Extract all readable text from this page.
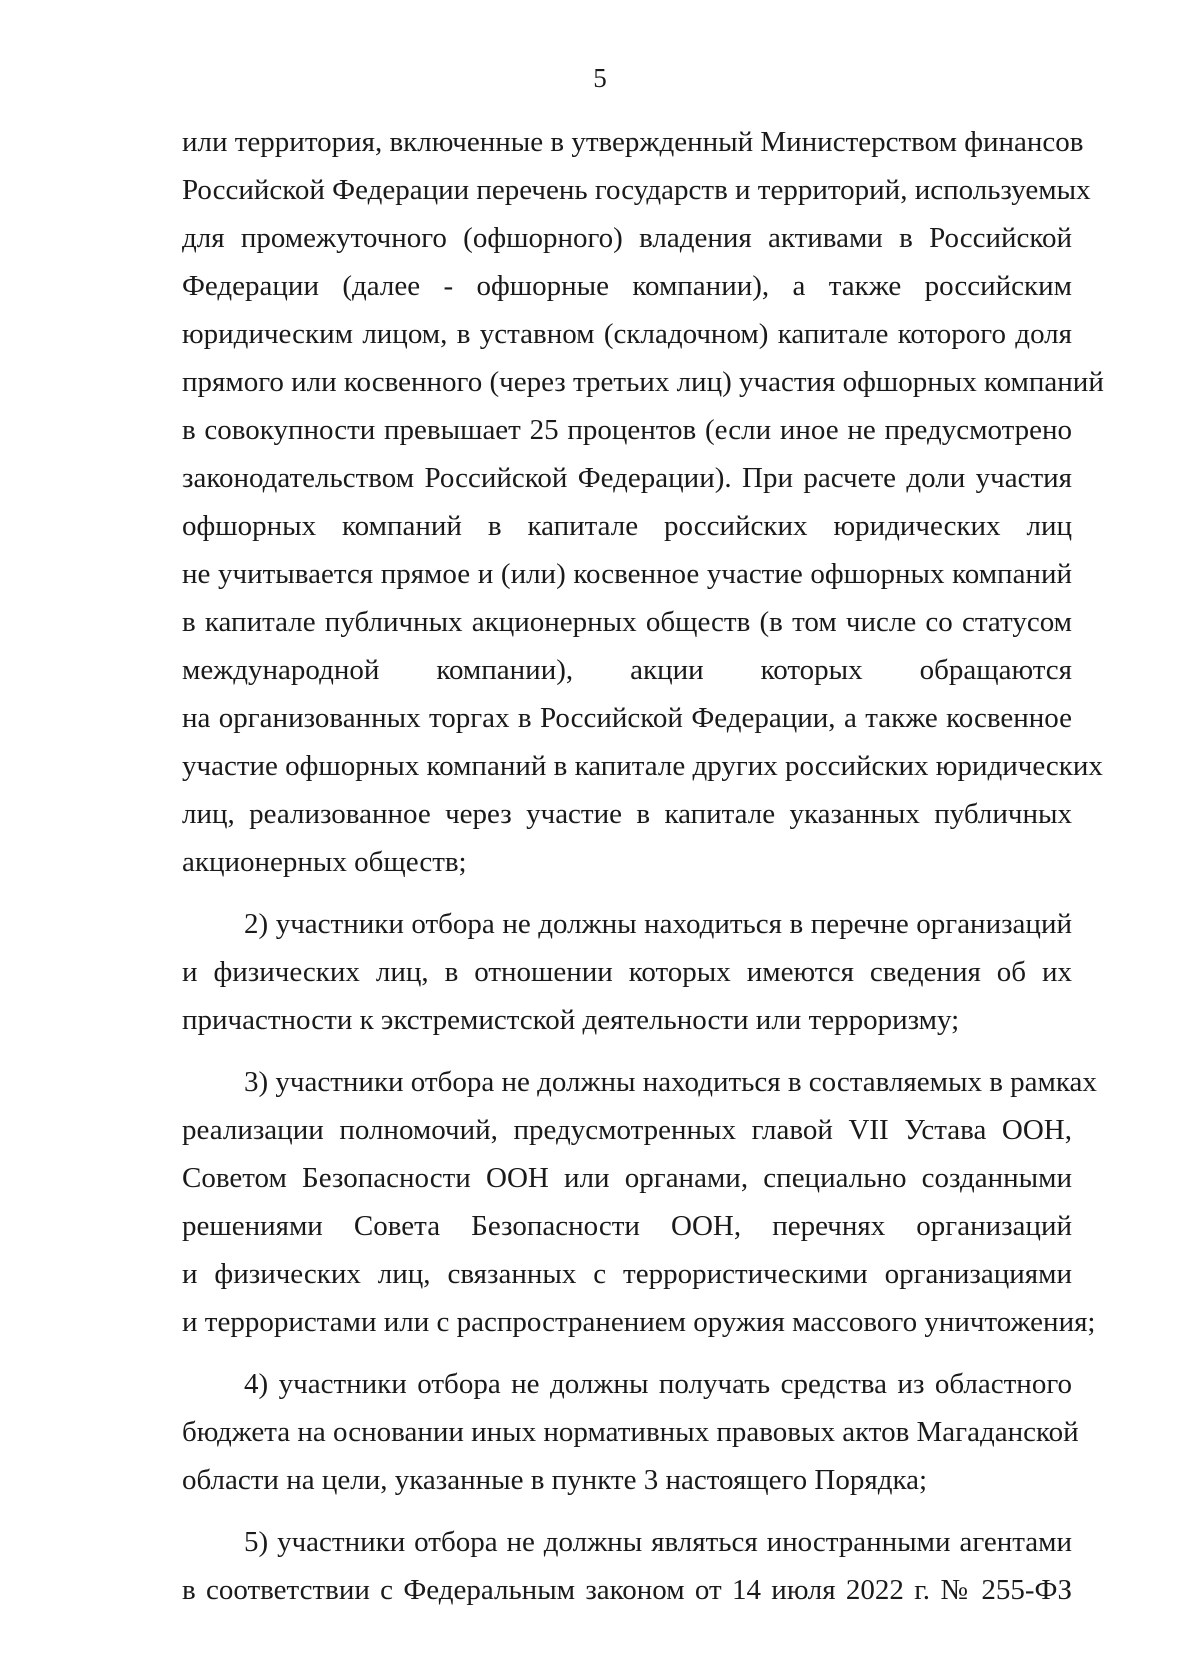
5

или территория, включенные в утвержденный Министерством финансов
Российской Федерации перечень государств и территорий, используемых
для промежуточного (офшорного) владения активами в Российской
Федерации (далее - офшорные компании), а также российским
юридическим лицом, в уставном (складочном) капитале которого доля
прямого или косвенного (через третьих лиц) участия офшорных компаний
в совокупности превышает 25 процентов (если иное не предусмотрено
законодательством Российской Федерации). При расчете доли участия
офшорных компаний в капитале российских юридических лиц
не учитывается прямое и (или) косвенное участие офшорных компаний
в капитале публичных акционерных обществ (в том числе со статусом
международной компании), акции которых обращаются
на организованных торгах в Российской Федерации, а также косвенное
участие офшорных компаний в капитале других российских юридических
лиц, реализованное через участие в капитале указанных публичных
акционерных обществ;

2) участники отбора не должны находиться в перечне организаций
и физических лиц, в отношении которых имеются сведения об их
причастности к экстремистской деятельности или терроризму;

3) участники отбора не должны находиться в составляемых в рамках
реализации полномочий, предусмотренных главой VII Устава ООН,
Советом Безопасности ООН или органами, специально созданными
решениями Совета Безопасности ООН, перечнях организаций
и физических лиц, связанных с террористическими организациями
и террористами или с распространением оружия массового уничтожения;

4) участники отбора не должны получать средства из областного
бюджета на основании иных нормативных правовых актов Магаданской
области на цели, указанные в пункте 3 настоящего Порядка;

5) участники отбора не должны являться иностранными агентами
в соответствии с Федеральным законом от 14 июля 2022 г. № 255-ФЗ
